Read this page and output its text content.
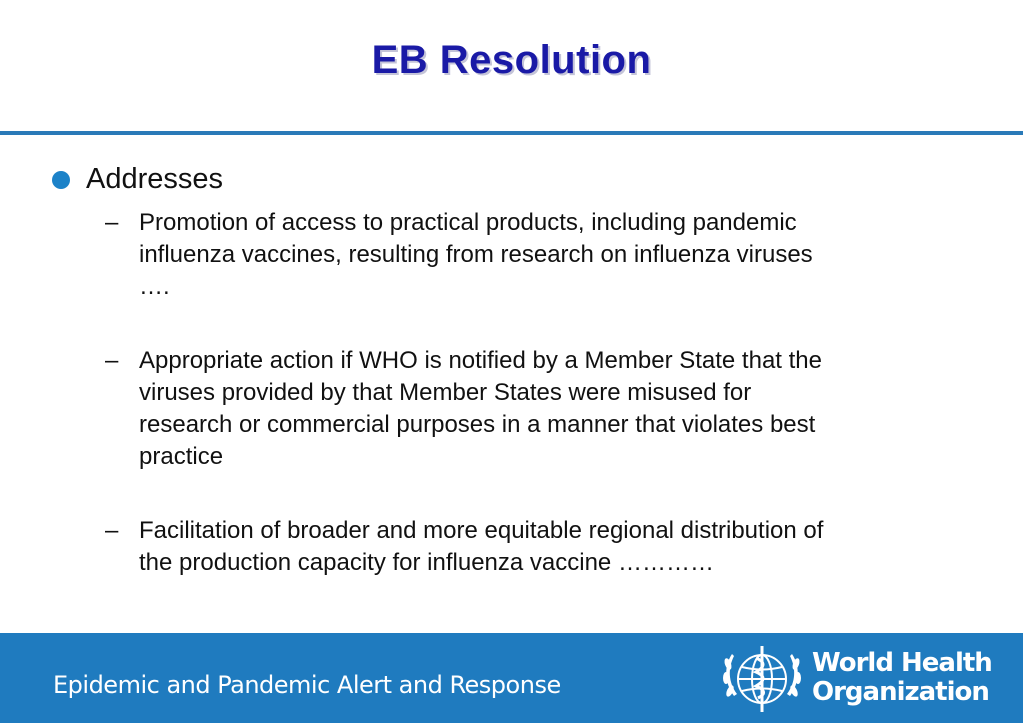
EB Resolution
Addresses
– Promotion of access to practical products, including pandemic
influenza vaccines, resulting from research on influenza viruses
….
– Appropriate action if WHO is notified by a Member State that the
viruses provided by that Member States were misused for
research or commercial purposes in a manner that violates best
practice
– Facilitation of broader and more equitable regional distribution of
the production capacity for influenza vaccine …………
Epidemic and Pandemic Alert and Response
World Health
Organization
